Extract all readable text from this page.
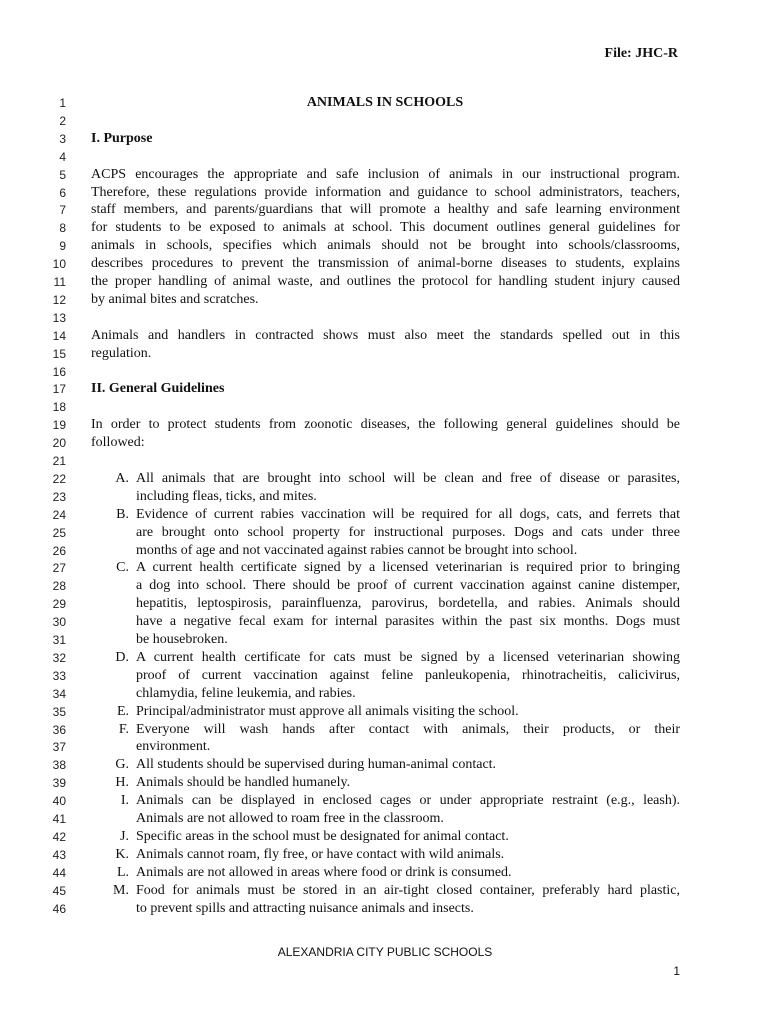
File: JHC-R
1
2
3
4
5
6
7
8
9
10
11
12
13
14
15
16
17
18
19
20
21
22
23
24
25
26
27
28
29
30
31
32
33
34
35
36
37
38
39
40
41
42
43
44
45
46
ANIMALS IN SCHOOLS
I. Purpose
ACPS encourages the appropriate and safe inclusion of animals in our instructional program.
Therefore, these regulations provide information and guidance to school administrators, teachers,
staff members, and parents/guardians that will promote a healthy and safe learning environment
for students to be exposed to animals at school. This document outlines general guidelines for
animals in schools, specifies which animals should not be brought into schools/classrooms,
describes procedures to prevent the transmission of animal-borne diseases to students, explains
the proper handling of animal waste, and outlines the protocol for handling student injury caused
by animal bites and scratches.
Animals and handlers in contracted shows must also meet the standards spelled out in this
regulation.
II. General Guidelines
In order to protect students from zoonotic diseases, the following general guidelines should be
followed:
A. All animals that are brought into school will be clean and free of disease or parasites,
including fleas, ticks, and mites.
B. Evidence of current rabies vaccination will be required for all dogs, cats, and ferrets that
are brought onto school property for instructional purposes. Dogs and cats under three
months of age and not vaccinated against rabies cannot be brought into school.
C. A current health certificate signed by a licensed veterinarian is required prior to bringing
a dog into school. There should be proof of current vaccination against canine distemper,
hepatitis, leptospirosis, parainfluenza, parovirus, bordetella, and rabies. Animals should
have a negative fecal exam for internal parasites within the past six months. Dogs must
be housebroken.
D. A current health certificate for cats must be signed by a licensed veterinarian showing
proof of current vaccination against feline panleukopenia, rhinotracheitis, calicivirus,
chlamydia, feline leukemia, and rabies.
E. Principal/administrator must approve all animals visiting the school.
F. Everyone will wash hands after contact with animals, their products, or their
environment.
G. All students should be supervised during human-animal contact.
H. Animals should be handled humanely.
I. Animals can be displayed in enclosed cages or under appropriate restraint (e.g., leash).
Animals are not allowed to roam free in the classroom.
J. Specific areas in the school must be designated for animal contact.
K. Animals cannot roam, fly free, or have contact with wild animals.
L. Animals are not allowed in areas where food or drink is consumed.
M. Food for animals must be stored in an air-tight closed container, preferably hard plastic,
to prevent spills and attracting nuisance animals and insects.
ALEXANDRIA CITY PUBLIC SCHOOLS
1
